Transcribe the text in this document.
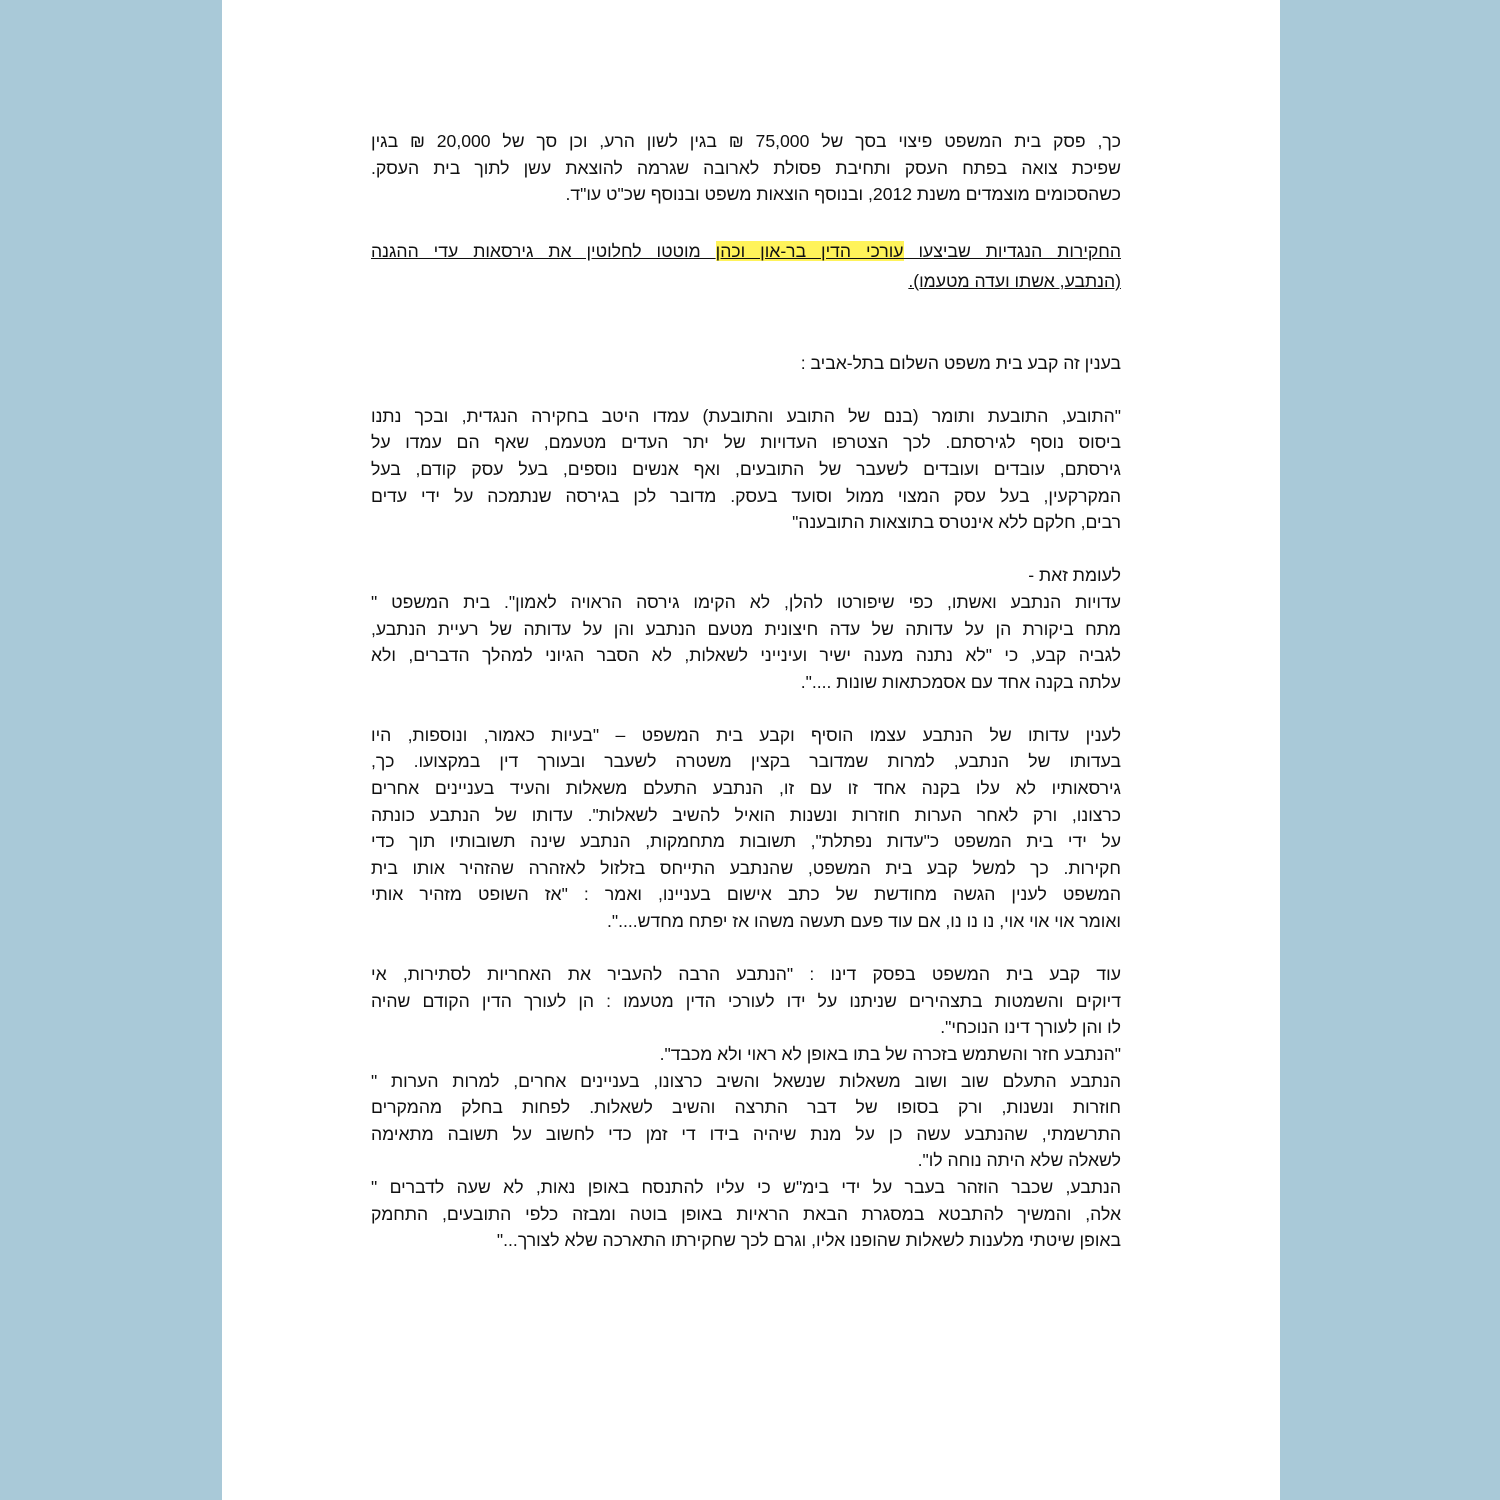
כך, פסק בית המשפט פיצוי בסך של 75,000 ₪ בגין לשון הרע, וכן סך של 20,000 ₪ בגין
שפיכת צואה בפתח העסק ותחיבת פסולת לארובה שגרמה להוצאת עשן לתוך בית העסק.
כשהסכומים מוצמדים משנת 2012, ובנוסף הוצאות משפט ובנוסף שכ"ט עו"ד.
החקירות הנגדיות שביצעו עורכי הדין בר-און וכהן מוטטו לחלוטין את גירסאות עדי ההגנה
(הנתבע, אשתו ועדה מטעמו).
בענין זה קבע בית משפט השלום בתל-אביב :
"התובע, התובעת ותומר (בנם של התובע והתובעת) עמדו היטב בחקירה הנגדית, ובכך נתנו
ביסוס נוסף לגירסתם. לכך הצטרפו העדויות של יתר העדים מטעמם, שאף הם עמדו על
גירסתם, עובדים ועובדים לשעבר של התובעים, ואף אנשים נוספים, בעל עסק קודם, בעל
המקרקעין, בעל עסק המצוי ממול וסועד בעסק. מדובר לכן בגירסה שנתמכה על ידי עדים
רבים, חלקם ללא אינטרס בתוצאות התובענה"
לעומת זאת -
עדויות הנתבע ואשתו, כפי שיפורטו להלן, לא הקימו גירסה הראויה לאמון". בית המשפט "
מתח ביקורת הן על עדותה של עדה חיצונית מטעם הנתבע והן על עדותה של רעיית הנתבע,
לגביה קבע, כי "לא נתנה מענה ישיר ועינייני לשאלות, לא הסבר הגיוני למהלך הדברים, ולא
עלתה בקנה אחד עם אסמכתאות שונות ....".
לענין עדותו של הנתבע עצמו הוסיף וקבע בית המשפט – "בעיות כאמור, ונוספות, היו
בעדותו של הנתבע, למרות שמדובר בקצין משטרה לשעבר ובעורך דין במקצועו. כך,
גירסאותיו לא עלו בקנה אחד זו עם זו, הנתבע התעלם משאלות והעיד בעניינים אחרים
כרצונו, ורק לאחר הערות חוזרות ונשנות הואיל להשיב לשאלות". עדותו של הנתבע כונתה
על ידי בית המשפט כ"עדות נפתלת", תשובות מתחמקות, הנתבע שינה תשובותיו תוך כדי
חקירות. כך למשל קבע בית המשפט, שהנתבע התייחס בזלזול לאזהרה שהזהיר אותו בית
המשפט לענין הגשה מחודשת של כתב אישום בעניינו, ואמר : "אז השופט מזהיר אותי
ואומר אוי אוי אוי, נו נו נו, אם עוד פעם תעשה משהו אז יפתח מחדש....".
עוד קבע בית המשפט בפסק דינו : "הנתבע הרבה להעביר את האחריות לסתירות, אי
דיוקים והשמטות בתצהירים שניתנו על ידו לעורכי הדין מטעמו : הן לעורך הדין הקודם שהיה
לו והן לעורך דינו הנוכחי".
"הנתבע חזר והשתמש בזכרה של בתו באופן לא ראוי ולא מכבד".
הנתבע התעלם שוב ושוב משאלות שנשאל והשיב כרצונו, בעניינים אחרים, למרות הערות "
חוזרות ונשנות, ורק בסופו של דבר התרצה והשיב לשאלות. לפחות בחלק מהמקרים
התרשמתי, שהנתבע עשה כן על מנת שיהיה בידו די זמן כדי לחשוב על תשובה מתאימה
לשאלה שלא היתה נוחה לו".
הנתבע, שכבר הוזהר בעבר על ידי בימ"ש כי עליו להתנסח באופן נאות, לא שעה לדברים "
אלה, והמשיך להתבטא במסגרת הבאת הראיות באופן בוטה ומבזה כלפי התובעים, התחמק
באופן שיטתי מלענות לשאלות שהופנו אליו, וגרם לכך שחקירתו התארכה שלא לצורך..."
